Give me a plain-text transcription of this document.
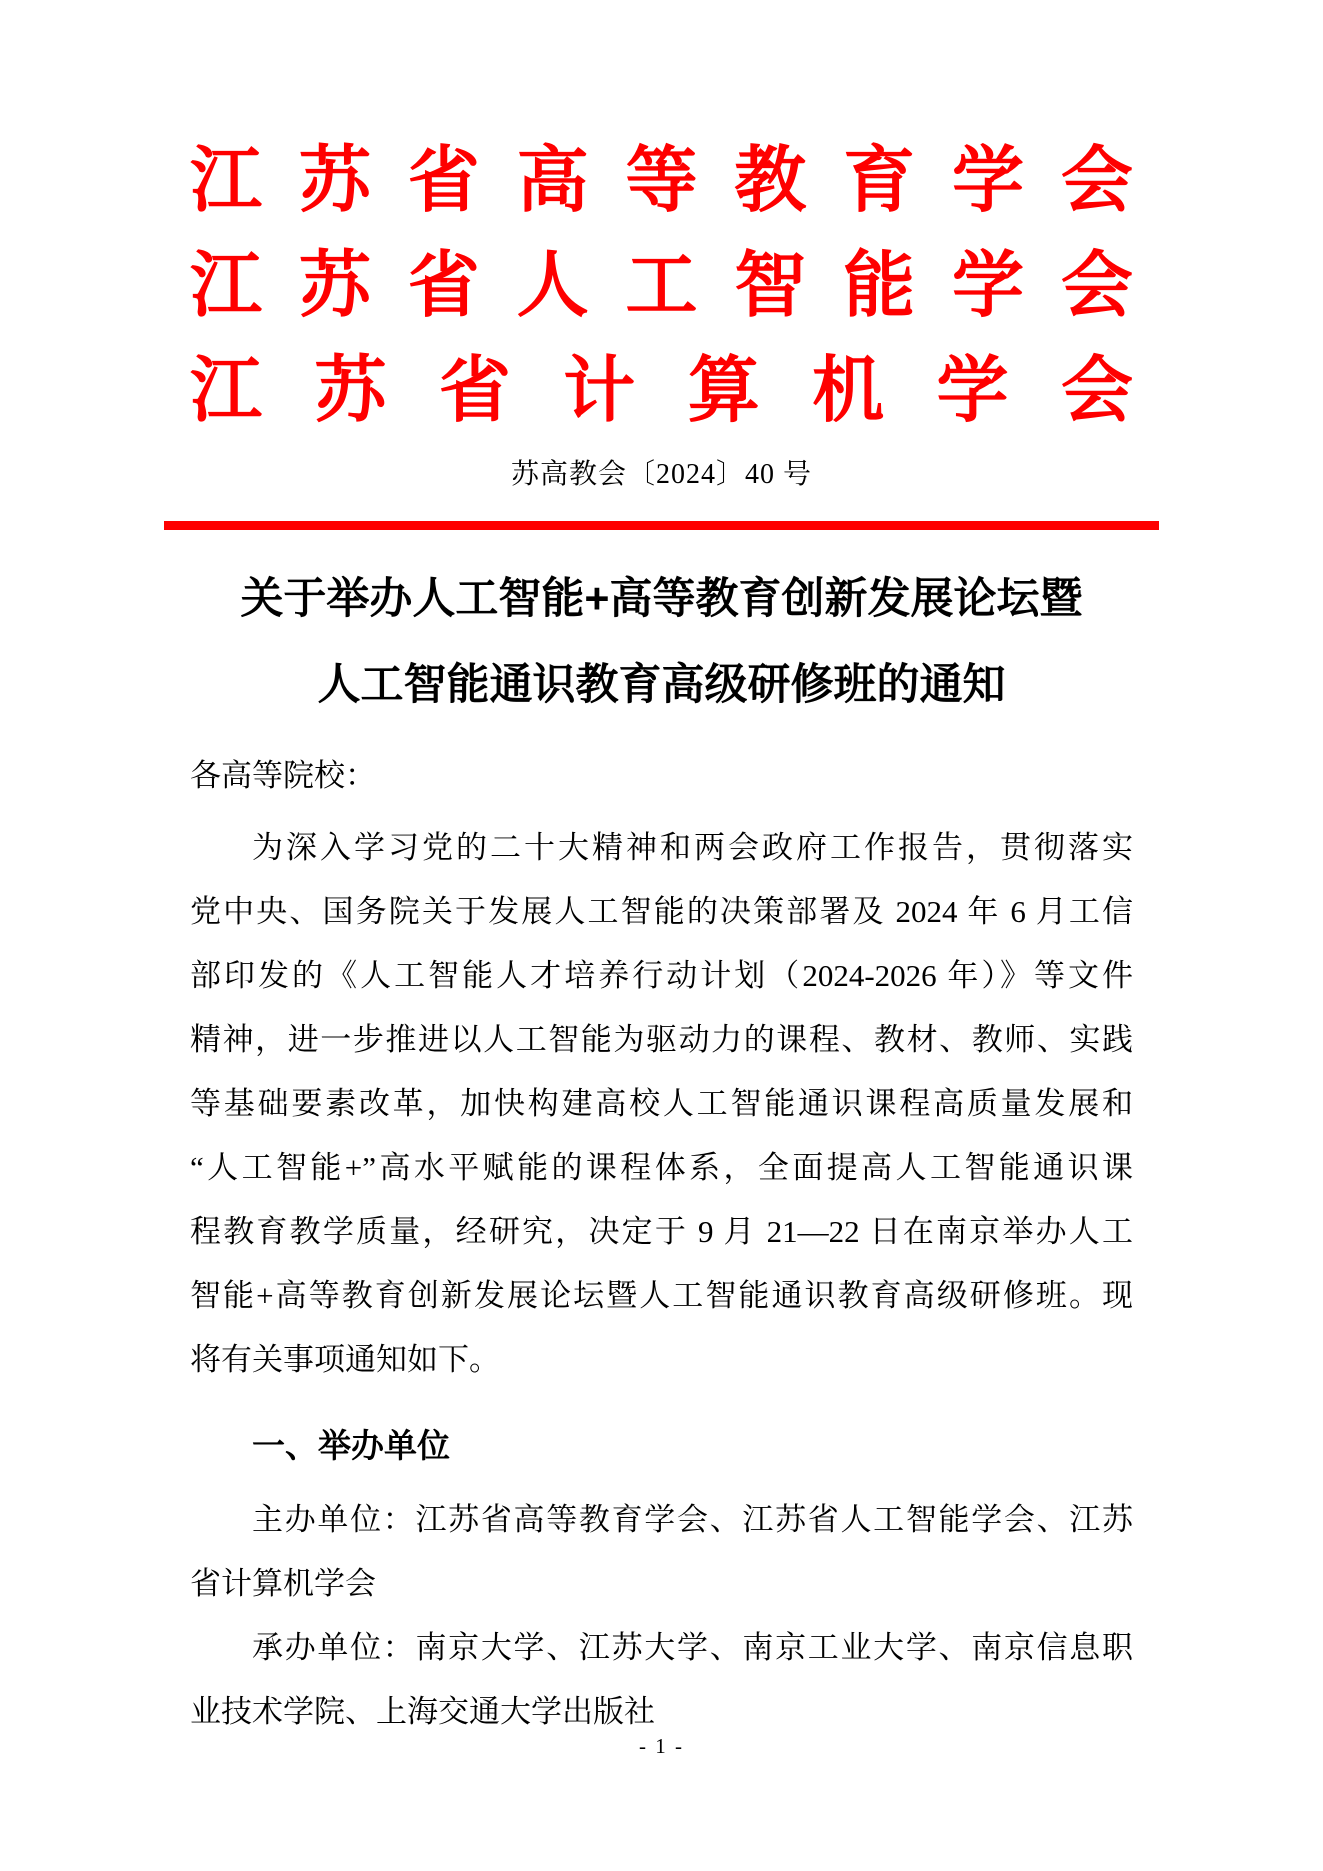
江 苏 省 高 等 教 育 学 会
江 苏 省 人 工 智 能 学 会
江 苏 省 计 算 机 学 会
苏高教会〔2024〕40 号
关于举办人工智能+高等教育创新发展论坛暨
人工智能通识教育高级研修班的通知
各高等院校：
为深入学习党的二十大精神和两会政府工作报告，贯彻落实
党中央、国务院关于发展人工智能的决策部署及 2024 年 6 月工信
部印发的《人工智能人才培养行动计划（2024-2026 年）》等文件
精神，进一步推进以人工智能为驱动力的课程、教材、教师、实践
等基础要素改革，加快构建高校人工智能通识课程高质量发展和
“人工智能+”高水平赋能的课程体系，全面提高人工智能通识课
程教育教学质量，经研究，决定于 9 月 21—22 日在南京举办人工
智能+高等教育创新发展论坛暨人工智能通识教育高级研修班。现
将有关事项通知如下。
一、举办单位
主办单位：江苏省高等教育学会、江苏省人工智能学会、江苏
省计算机学会
承办单位：南京大学、江苏大学、南京工业大学、南京信息职
业技术学院、上海交通大学出版社
- 1 -
